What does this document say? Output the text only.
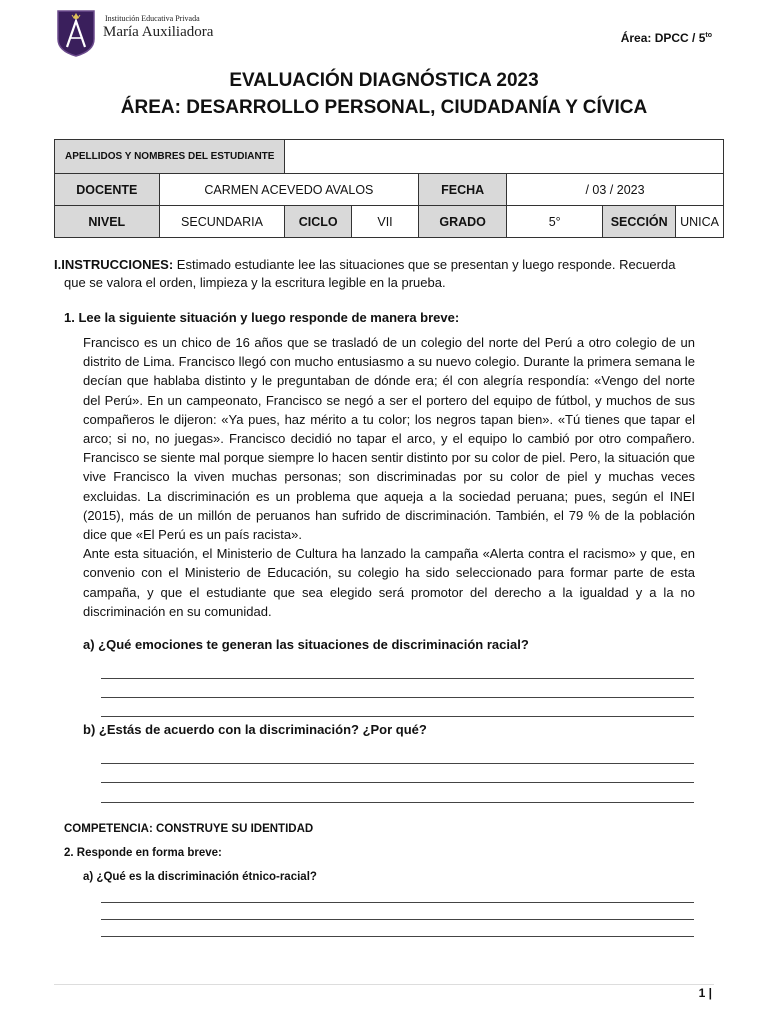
Institución Educativa Privada
María Auxiliadora	Área: DPCC / $5^{to}$
EVALUACIÓN DIAGNÓSTICA 2023
ÁREA: DESARROLLO PERSONAL, CIUDADANÍA Y CÍVICA
APELLIDOS Y NOMBRES DEL ESTUDIANTE							
DOCENTE	CARMEN ACEVEDO AVALOS			FECHA	/ 03 / 2023		
NIVEL	SECUNDARIA	CICLO	VII	GRADO	5°	SECCIÓN	UNICA
I.INSTRUCCIONES: Estimado estudiante lee las situaciones que se presentan y luego responde. Recuerda
que se valora el orden, limpieza y la escritura legible en la prueba.
1. Lee la siguiente situación y luego responde de manera breve:

Francisco es un chico de 16 años que se trasladó de un colegio del norte del Perú a otro colegio de un distrito de Lima. Francisco llegó con mucho entusiasmo a su nuevo colegio. Durante la primera semana le decían que hablaba distinto y le preguntaban de dónde era; él con alegría respondía: «Vengo del norte del Perú». En un campeonato, Francisco se negó a ser el portero del equipo de fútbol, y muchos de sus compañeros le dijeron: «Ya pues, haz mérito a tu color; los negros tapan bien». «Tú tienes que tapar el arco; si no, no juegas». Francisco decidió no tapar el arco, y el equipo lo cambió por otro compañero. Francisco se siente mal porque siempre lo hacen sentir distinto por su color de piel. Pero, la situación que vive Francisco la viven muchas personas; son discriminadas por su color de piel y muchas veces excluidas. La discriminación es un problema que aqueja a la sociedad peruana; pues, según el INEI (2015), más de un millón de peruanos han sufrido de discriminación. También, el 79 % de la población dice que «El Perú es un país racista».

Ante esta situación, el Ministerio de Cultura ha lanzado la campaña «Alerta contra el racismo» y que, en convenio con el Ministerio de Educación, su colegio ha sido seleccionado para formar parte de esta campaña, y que el estudiante que sea elegido será promotor del derecho a la igualdad y a la no discriminación en su comunidad.

a) ¿Qué emociones te generan las situaciones de discriminación racial?
b) ¿Estás de acuerdo con la discriminación? ¿Por qué?
COMPETENCIA: CONSTRUYE SU IDENTIDAD
2. Responde en forma breve:
a) ¿Qué es la discriminación étnico-racial?
1 |
